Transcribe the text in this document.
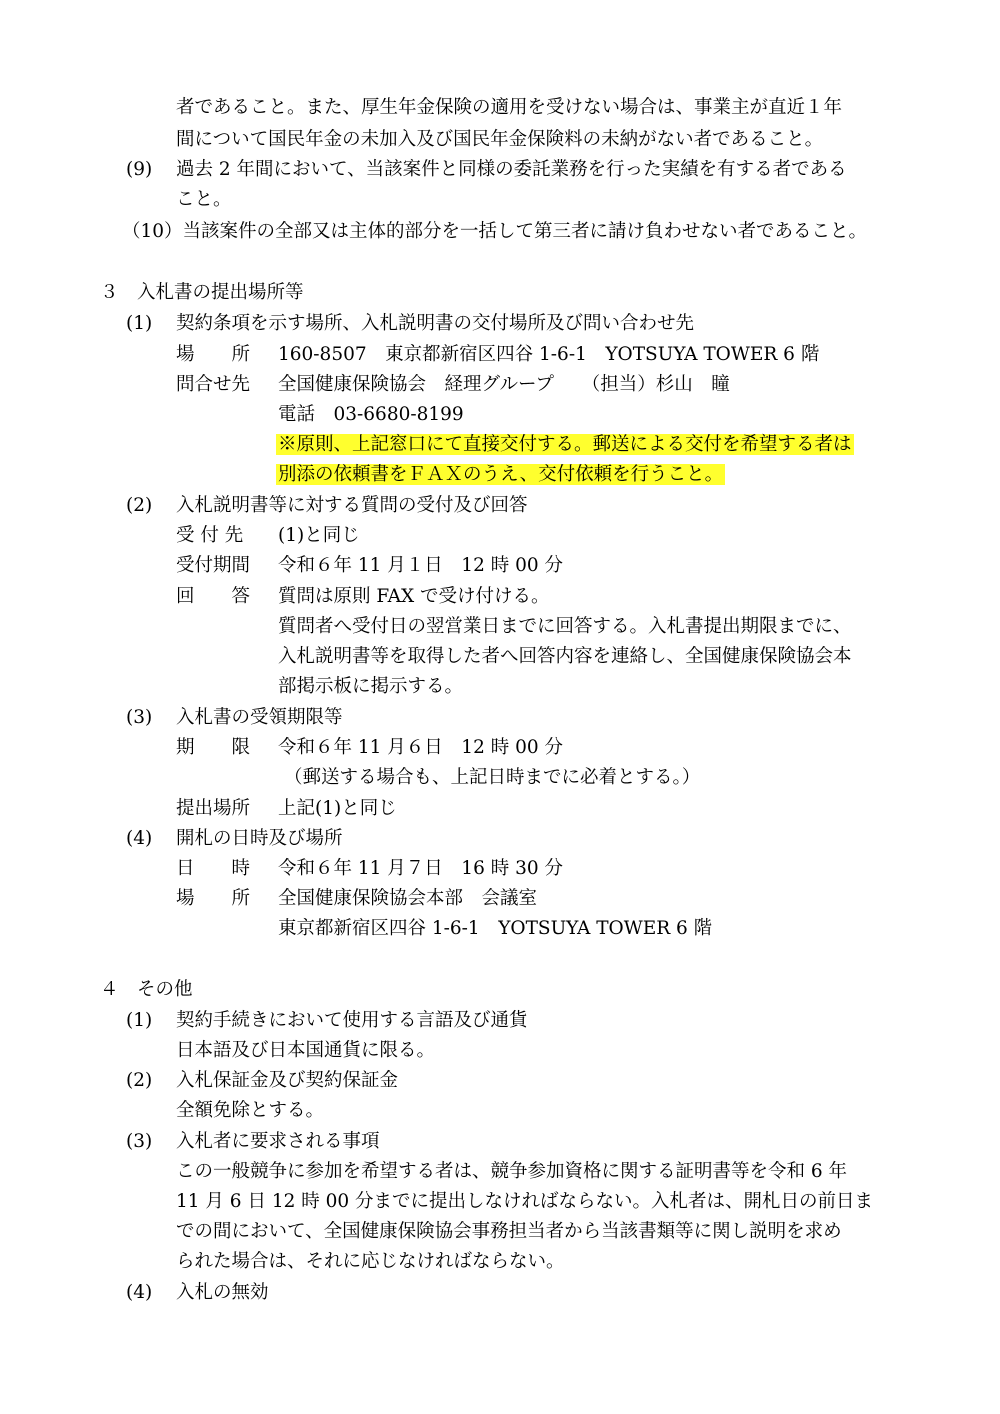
者であること。また、厚生年金保険の適用を受けない場合は、事業主が直近１年
間について国民年金の未加入及び国民年金保険料の未納がない者であること。
(9) 過去 2 年間において、当該案件と同様の委託業務を行った実績を有する者である
こと。
（10）当該案件の全部又は主体的部分を一括して第三者に請け負わせない者であること。
３　入札書の提出場所等
(1) 契約条項を示す場所、入札説明書の交付場所及び問い合わせ先
場　　所 160-8507　東京都新宿区四谷 1-6-1　YOTSUYA TOWER 6 階
問合せ先 全国健康保険協会　経理グループ　　（担当）杉山　瞳
電話　03-6680-8199
※原則、上記窓口にて直接交付する。郵送による交付を希望する者は
別添の依頼書をＦＡＸのうえ、交付依頼を行うこと。
(2) 入札説明書等に対する質問の受付及び回答
受 付 先 (1)と同じ
受付期間 令和６年 11 月１日　12 時 00 分
回　　答 質問は原則 FAX で受け付ける。
質問者へ受付日の翌営業日までに回答する。入札書提出期限までに、
入札説明書等を取得した者へ回答内容を連絡し、全国健康保険協会本
部掲示板に掲示する。
(3) 入札書の受領期限等
期　　限 令和６年 11 月６日　12 時 00 分
（郵送する場合も、上記日時までに必着とする。）
提出場所 上記(1)と同じ
(4) 開札の日時及び場所
日　　時 令和６年 11 月７日　16 時 30 分
場　　所 全国健康保険協会本部　会議室
東京都新宿区四谷 1-6-1　YOTSUYA TOWER 6 階
４　その他
(1) 契約手続きにおいて使用する言語及び通貨
日本語及び日本国通貨に限る。
(2) 入札保証金及び契約保証金
全額免除とする。
(3) 入札者に要求される事項
この一般競争に参加を希望する者は、競争参加資格に関する証明書等を令和 6 年
11 月 6 日 12 時 00 分までに提出しなければならない。入札者は、開札日の前日ま
での間において、全国健康保険協会事務担当者から当該書類等に関し説明を求め
られた場合は、それに応じなければならない。
(4) 入札の無効
